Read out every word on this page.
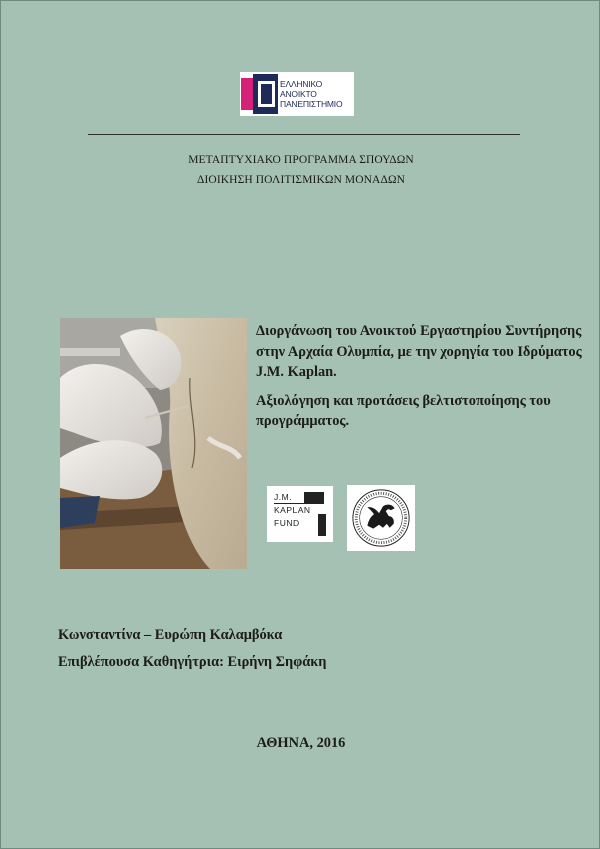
ΕΛΛΗΝΙΚΟ
ΑΝΟΙΚΤΟ
ΠΑΝΕΠΙΣΤΗΜΙΟ
ΜΕΤΑΠΤΥΧΙΑΚΟ ΠΡΟΓΡΑΜΜΑ ΣΠΟΥΔΩΝ
ΔΙΟΙΚΗΣΗ ΠΟΛΙΤΙΣΜΙΚΩΝ ΜΟΝΑΔΩΝ
Διοργάνωση του Ανοικτού Εργαστηρίου Συντήρησης στην Αρχαία Ολυμπία, με την χορηγία του Ιδρύματος J.M. Kaplan.
Αξιολόγηση και προτάσεις βελτιστοποίησης του προγράμματος.
J.M.
KAPLAN
FUND
Κωνσταντίνα – Ευρώπη Καλαμβόκα
Επιβλέπουσα Καθηγήτρια: Ειρήνη Σηφάκη
ΑΘΗΝΑ, 2016
